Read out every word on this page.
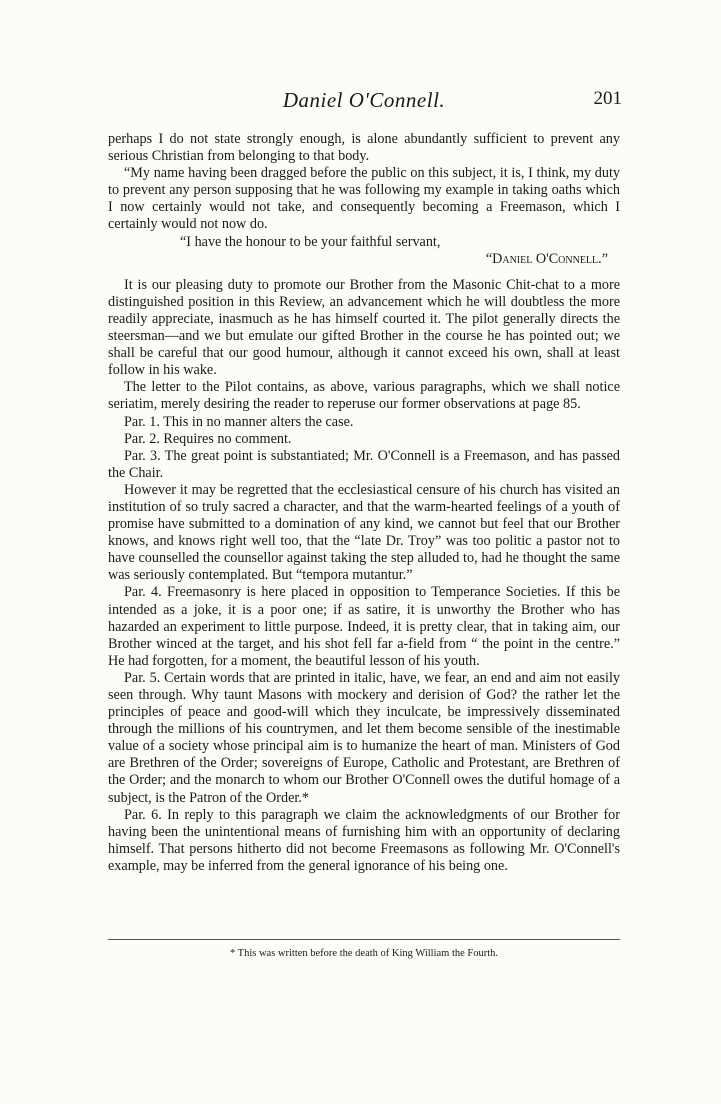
Daniel O'Connell.	201

perhaps I do not state strongly enough, is alone abundantly sufficient to prevent any serious Christian from belonging to that body.

“My name having been dragged before the public on this subject, it is, I think, my duty to prevent any person supposing that he was following my example in taking oaths which I now certainly would not take, and consequently becoming a Freemason, which I certainly would not now do.

“I have the honour to be your faithful servant,

“Daniel O'Connell.”

It is our pleasing duty to promote our Brother from the Masonic Chit-chat to a more distinguished position in this Review, an advancement which he will doubtless the more readily appreciate, inasmuch as he has himself courted it. The pilot generally directs the steersman—and we but emulate our gifted Brother in the course he has pointed out; we shall be careful that our good humour, although it cannot exceed his own, shall at least follow in his wake.

The letter to the Pilot contains, as above, various paragraphs, which we shall notice seriatim, merely desiring the reader to reperuse our former observations at page 85.

Par. 1. This in no manner alters the case.

Par. 2. Requires no comment.

Par. 3. The great point is substantiated; Mr. O'Connell is a Freemason, and has passed the Chair.

However it may be regretted that the ecclesiastical censure of his church has visited an institution of so truly sacred a character, and that the warm-hearted feelings of a youth of promise have submitted to a domination of any kind, we cannot but feel that our Brother knows, and knows right well too, that the “late Dr. Troy” was too politic a pastor not to have counselled the counsellor against taking the step alluded to, had he thought the same was seriously contemplated. But “tempora mutantur.”

Par. 4. Freemasonry is here placed in opposition to Temperance Societies. If this be intended as a joke, it is a poor one; if as satire, it is unworthy the Brother who has hazarded an experiment to little purpose. Indeed, it is pretty clear, that in taking aim, our Brother winced at the target, and his shot fell far a-field from “ the point in the centre.” He had forgotten, for a moment, the beautiful lesson of his youth.

Par. 5. Certain words that are printed in italic, have, we fear, an end and aim not easily seen through. Why taunt Masons with mockery and derision of God? the rather let the principles of peace and good-will which they inculcate, be impressively disseminated through the millions of his countrymen, and let them become sensible of the inestimable value of a society whose principal aim is to humanize the heart of man. Ministers of God are Brethren of the Order; sovereigns of Europe, Catholic and Protestant, are Brethren of the Order; and the monarch to whom our Brother O'Connell owes the dutiful homage of a subject, is the Patron of the Order.*

Par. 6. In reply to this paragraph we claim the acknowledgments of our Brother for having been the unintentional means of furnishing him with an opportunity of declaring himself. That persons hitherto did not become Freemasons as following Mr. O'Connell's example, may be inferred from the general ignorance of his being one.

* This was written before the death of King William the Fourth.
